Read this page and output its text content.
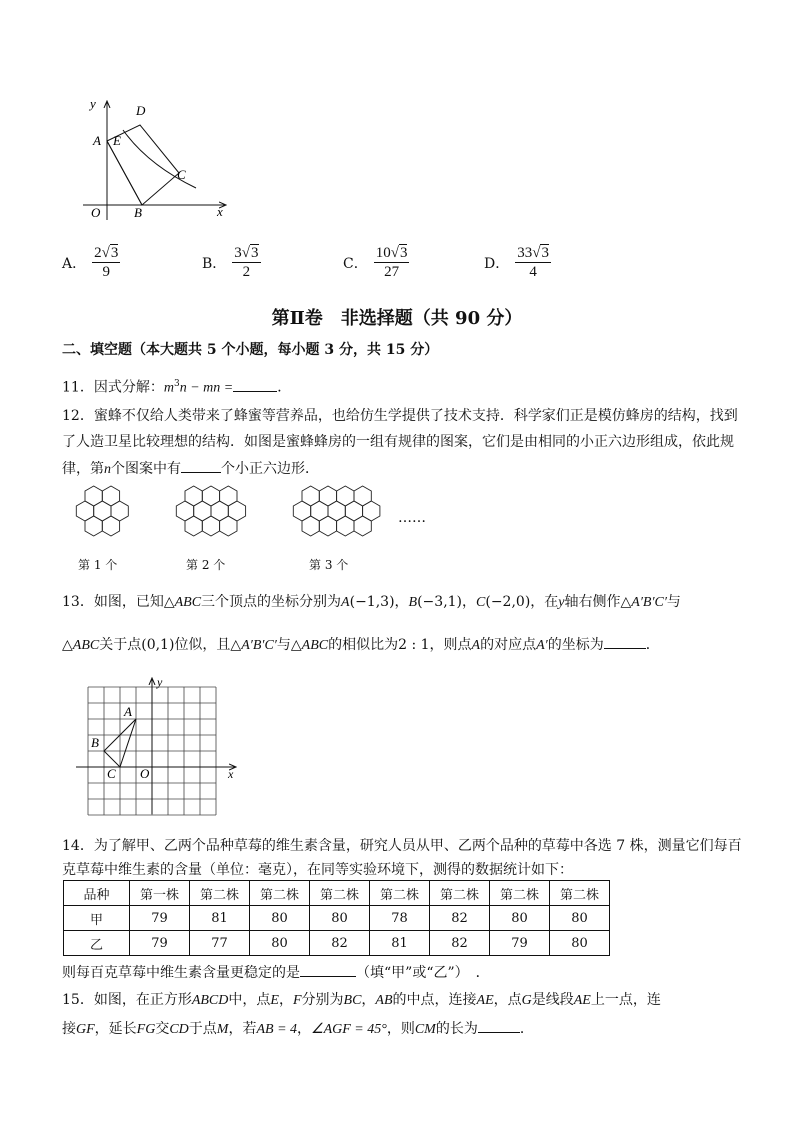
y
x
D
A E
C
O	B
A． $\frac{2√3}{9}$	B． $\frac{3√3}{2}$	C． $\frac{10√3}{27}$	D． $\frac{33√3}{4}$
第Ⅱ卷　非选择题（共 90 分）
二、填空题（本大题共 5 个小题，每小题 3 分，共 15 分）
11．因式分解：$m^3n$ − mn =	．
12．蜜蜂不仅给人类带来了蜂蜜等营养品，也给仿生学提供了技术支持．科学家们正是模仿蜂房的结构，找到
了人造卫星比较理想的结构．如图是蜜蜂蜂房的一组有规律的图案，它们是由相同的小正六边形组成，依此规
律，第n个图案中有	个小正六边形．
第 1 个	第 2 个	第 3 个
……
13．如图，已知△ABC三个顶点的坐标分别为A(−1,3)，B(−3,1)，C(−2,0)，在y轴右侧作△A′B′C′与
△ABC关于点(0,1)位似，且△A′B′C′与△ABC的相似比为2 : 1，则点A的对应点A′的坐标为	．
y
x
A
B
C O
14．为了解甲、乙两个品种草莓的维生素含量，研究人员从甲、乙两个品种的草莓中各选 7 株，测量它们每百
克草莓中维生素的含量（单位：毫克），在同等实验环境下，测得的数据统计如下：
品种	第一株	第二株	第二株	第二株	第二株	第二株	第二株	第二株
甲	79	81	80	80	78	82	80	80
乙	79	77	80	82	81	82	79	80
则每百克草莓中维生素含量更稳定的是	（填“甲”或“乙”）　．
15．如图，在正方形ABCD中，点E，F分别为BC，AB的中点，连接AE，点G是线段AE上一点，连
接GF，延长FG交CD于点M，若AB = 4，∠AGF = 45°，则CM的长为	．
